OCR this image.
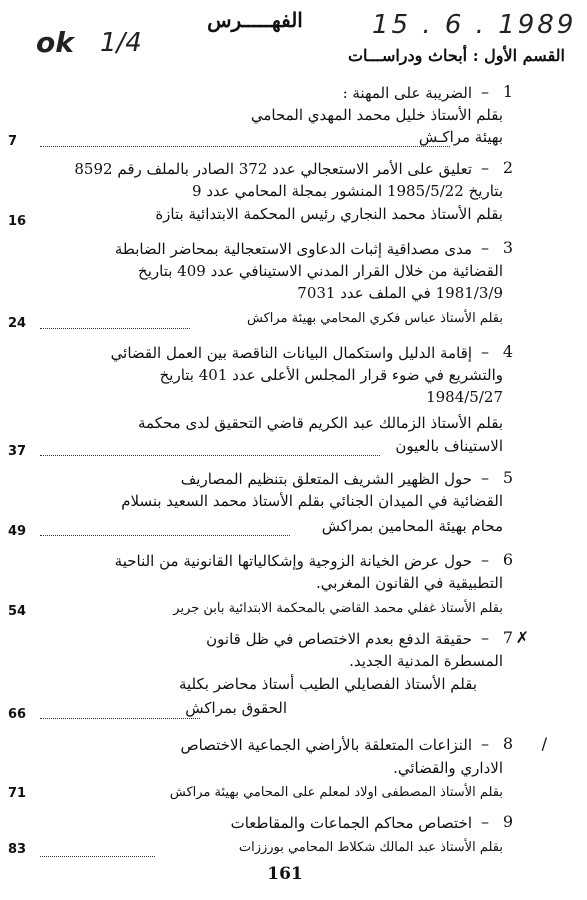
15 . 6 . 1989
ok 1/4
الفهـــــرس
القسم الأول : أبحاث ودراســـات
1
–
الضريبة على المهنة :
بقلم الأستاذ خليل محمد المهدي المحامي
بهيئة مراكـش
7
2
–
تعليق على الأمر الاستعجالي عدد 372 الصادر بالملف رقم 8592
بتاريخ 1985/5/22 المنشور بمجلة المحامي عدد 9
بقلم الأستاذ محمد النجاري رئيس المحكمة الابتدائية بتازة
16
3
–
مدى مصداقية إثبات الدعاوى الاستعجالية بمحاضر الضابطة
القضائية من خلال القرار المدني الاستينافي عدد 409 بتاريخ
1981/3/9 في الملف عدد 7031
بقلم الأستاذ عباس فكري المحامي بهيئة مراكش
24
4
–
إقامة الدليل واستكمال البيانات الناقصة بين العمل القضائي
والتشريع في ضوء قرار المجلس الأعلى عدد 401 بتاريخ
1984/5/27
بقلم الأستاذ الزمالك عبد الكريم قاضي التحقيق لدى محكمة
الاستيناف بالعيون
37
5
–
حول الظهير الشريف المتعلق بتنظيم المصاريف
القضائية في الميدان الجنائي بقلم الأستاذ محمد السعيد بنسلام
محام بهيئة المحامين بمراكش
49
6
–
حول عرض الخيانة الزوجية وإشكالياتها القانونية من الناحية
التطبيقية في القانون المغربي.
بقلم الأستاذ غفلي محمد القاضي بالمحكمة الابتدائية بابن جرير
54
✗
7
–
حقيقة الدفع بعدم الاختصاص في ظل قانون
المسطرة المدنية الجديد.
بقلم الأستاذ الفصايلي الطيب أستاذ محاضر بكلية
الحقوق بمراكش
66
/
8
–
النزاعات المتعلقة بالأراضي الجماعية الاختصاص
الاداري والقضائي.
بقلم الأستاذ المصطفى اولاد لمعلم على المحامي بهيئة مراكش
71
9
–
اختصاص محاكم الجماعات والمقاطعات
بقلم الأستاذ عبد المالك شكلاط المحامي بورززات
83
161
